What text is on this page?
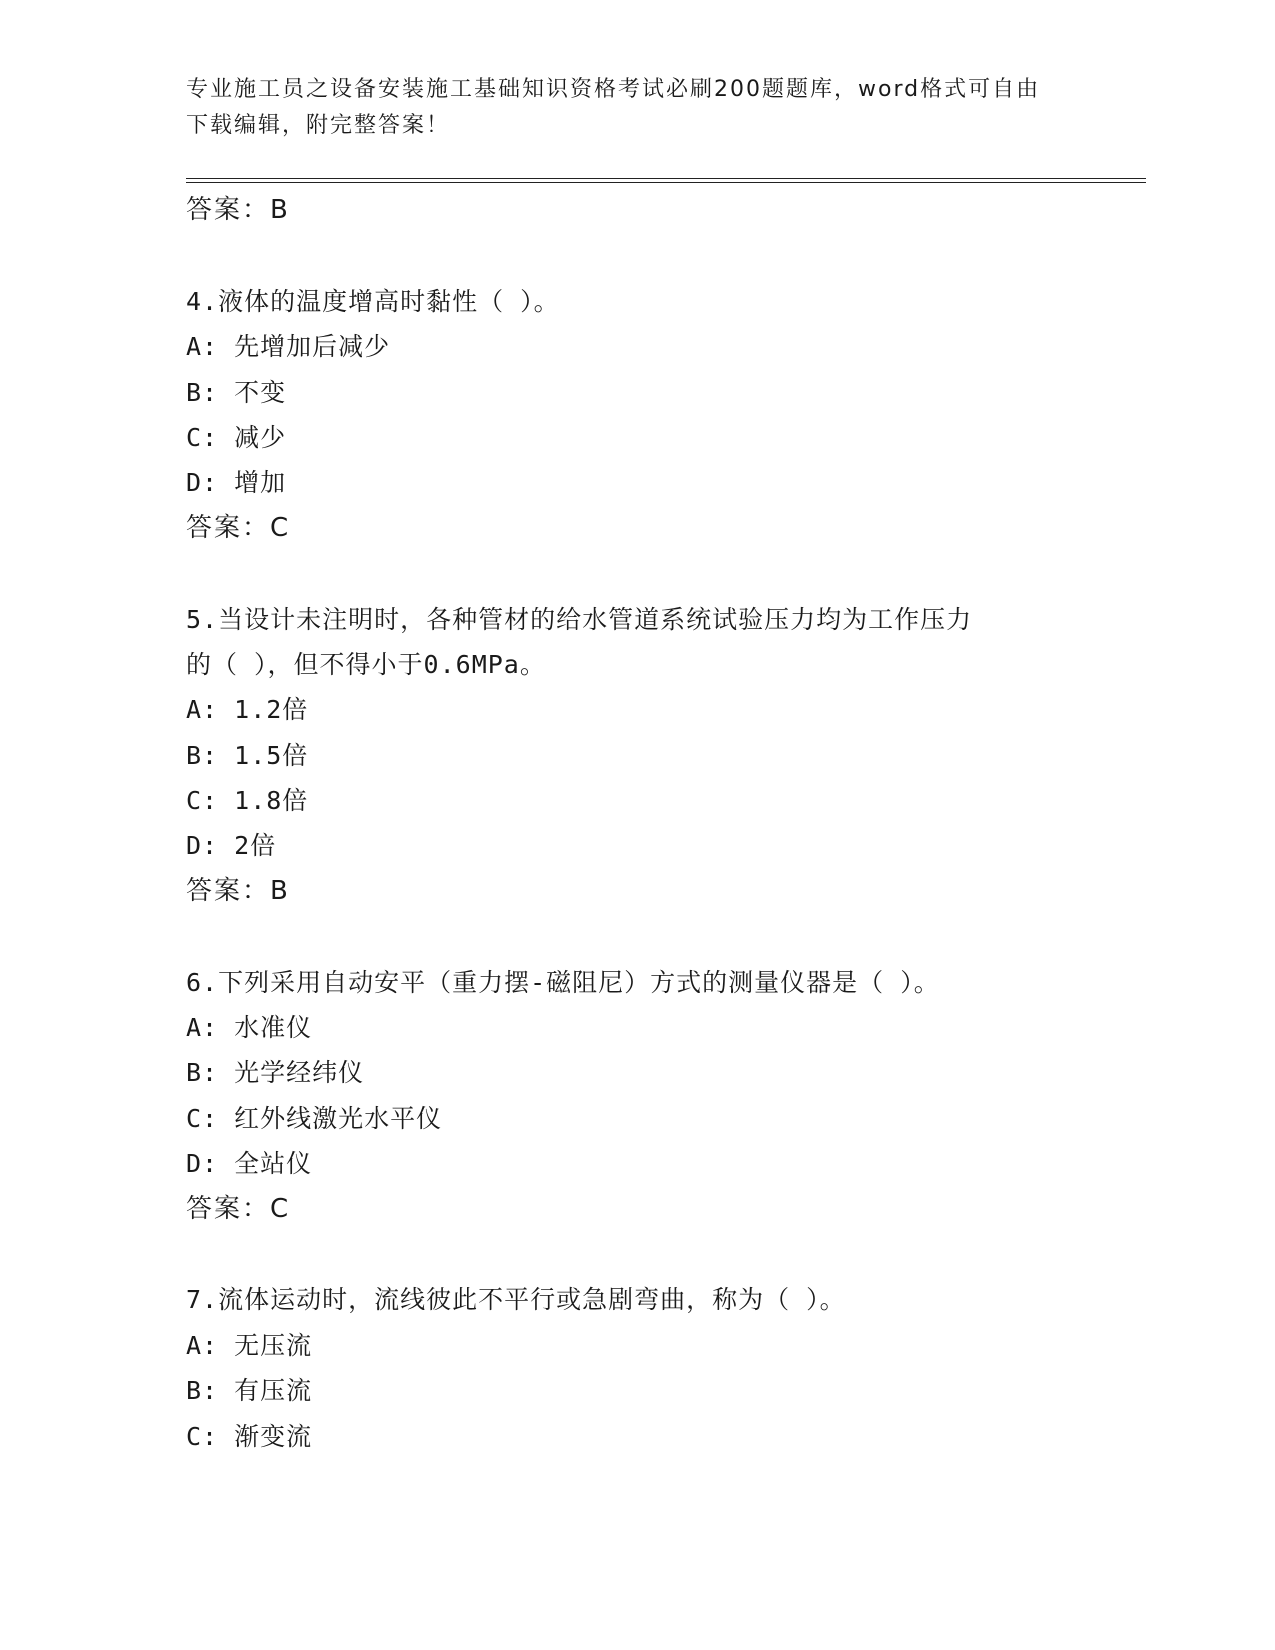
专业施工员之设备安装施工基础知识资格考试必刷200题题库，word格式可自由
下载编辑，附完整答案！
答案：B
4.液体的温度增高时黏性（ ）。
A: 先增加后减少
B: 不变
C: 减少
D: 增加
答案：C
5.当设计未注明时，各种管材的给水管道系统试验压力均为工作压力
的（ ），但不得小于0.6MPa。
A: 1.2倍
B: 1.5倍
C: 1.8倍
D: 2倍
答案：B
6.下列采用自动安平（重力摆-磁阻尼）方式的测量仪器是（ ）。
A: 水准仪
B: 光学经纬仪
C: 红外线激光水平仪
D: 全站仪
答案：C
7.流体运动时，流线彼此不平行或急剧弯曲，称为（ ）。
A: 无压流
B: 有压流
C: 渐变流
